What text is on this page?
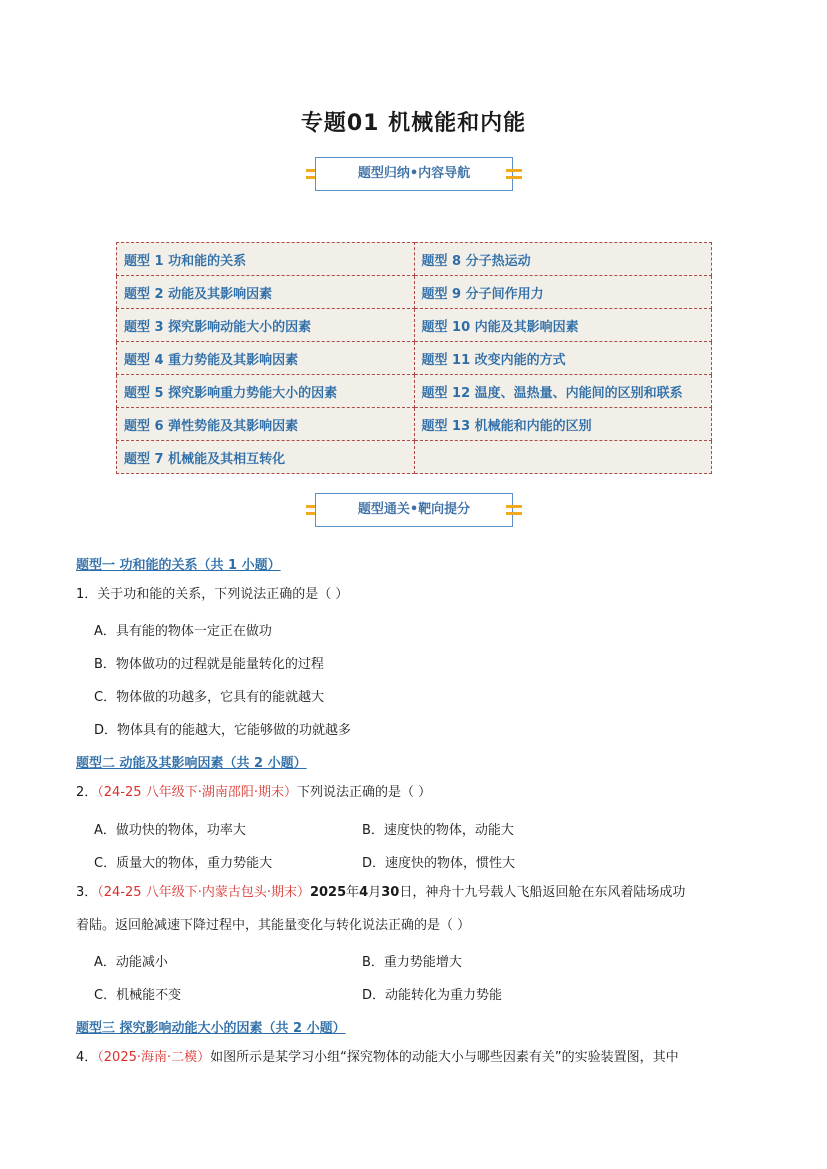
专题01 机械能和内能
题型归纳•内容导航
题型 1 功和能的关系	题型 8 分子热运动
题型 2 动能及其影响因素	题型 9 分子间作用力
题型 3 探究影响动能大小的因素	题型 10 内能及其影响因素
题型 4 重力势能及其影响因素	题型 11 改变内能的方式
题型 5 探究影响重力势能大小的因素	题型 12 温度、温热量、内能间的区别和联系
题型 6 弹性势能及其影响因素	题型 13 机械能和内能的区别
题型 7 机械能及其相互转化	
题型通关•靶向提分
题型一 功和能的关系（共 1 小题）
1．关于功和能的关系，下列说法正确的是（ ）
A．具有能的物体一定正在做功
B．物体做功的过程就是能量转化的过程
C．物体做的功越多，它具有的能就越大
D．物体具有的能越大，它能够做的功就越多
题型二 动能及其影响因素（共 2 小题）
2．（24-25 八年级下·湖南邵阳·期末）下列说法正确的是（ ）
A．做功快的物体，功率大	B．速度快的物体，动能大
C．质量大的物体，重力势能大	D．速度快的物体，惯性大
3．（24-25 八年级下·内蒙古包头·期末）2025年4月30日，神舟十九号载人飞船返回舱在东风着陆场成功
着陆。返回舱减速下降过程中，其能量变化与转化说法正确的是（ ）
A．动能减小	B．重力势能增大
C．机械能不变	D．动能转化为重力势能
题型三 探究影响动能大小的因素（共 2 小题）
4．（2025·海南·二模）如图所示是某学习小组“探究物体的动能大小与哪些因素有关”的实验装置图，其中
